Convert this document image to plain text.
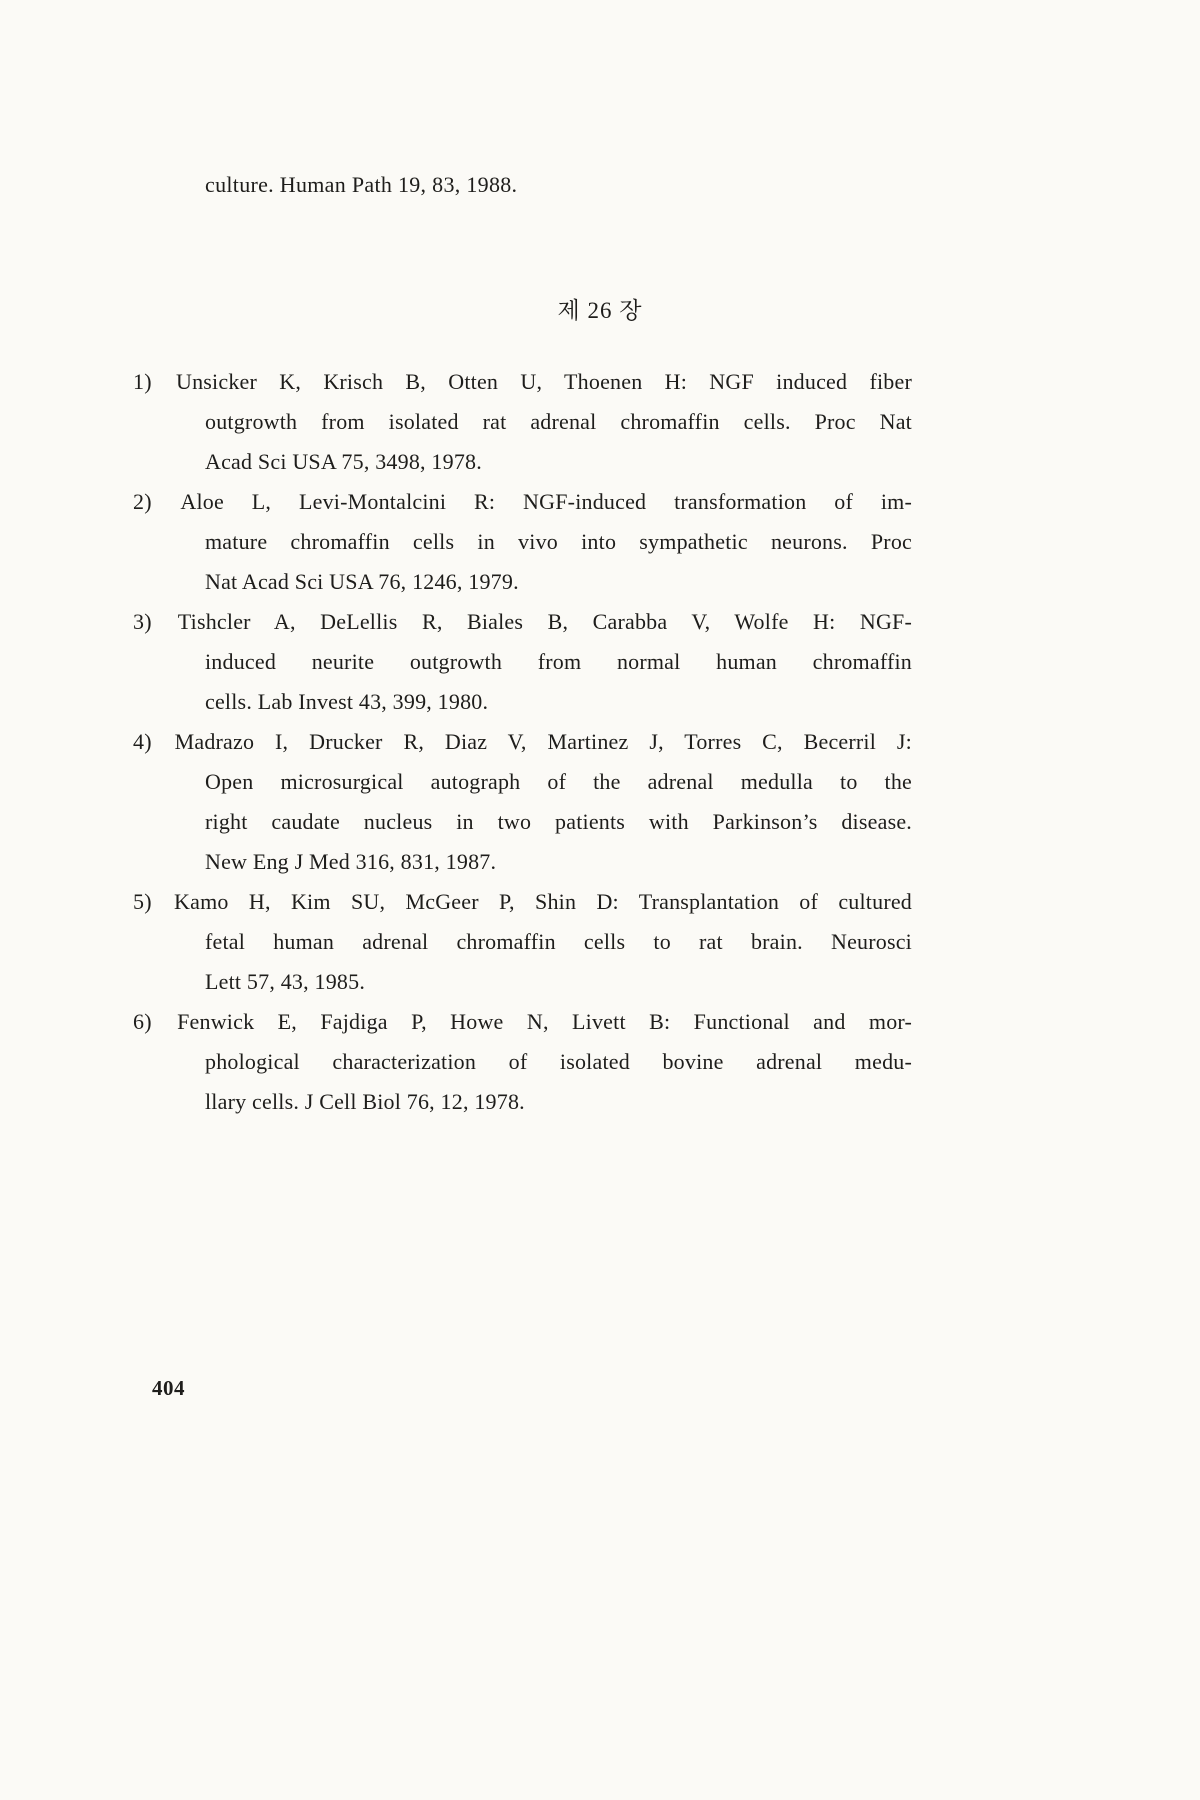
culture. Human Path 19, 83, 1988.
제 26 장
1) Unsicker K, Krisch B, Otten U, Thoenen H: NGF induced fiber
outgrowth from isolated rat adrenal chromaffin cells. Proc Nat
Acad Sci USA 75, 3498, 1978.
2) Aloe L, Levi-Montalcini R: NGF-induced transformation of im-
mature chromaffin cells in vivo into sympathetic neurons. Proc
Nat Acad Sci USA 76, 1246, 1979.
3) Tishcler A, DeLellis R, Biales B, Carabba V, Wolfe H: NGF-
induced neurite outgrowth from normal human chromaffin
cells. Lab Invest 43, 399, 1980.
4) Madrazo I, Drucker R, Diaz V, Martinez J, Torres C, Becerril J:
Open microsurgical autograph of the adrenal medulla to the
right caudate nucleus in two patients with Parkinson’s disease.
New Eng J Med 316, 831, 1987.
5) Kamo H, Kim SU, McGeer P, Shin D: Transplantation of cultured
fetal human adrenal chromaffin cells to rat brain. Neurosci
Lett 57, 43, 1985.
6) Fenwick E, Fajdiga P, Howe N, Livett B: Functional and mor-
phological characterization of isolated bovine adrenal medu-
llary cells. J Cell Biol 76, 12, 1978.
404
